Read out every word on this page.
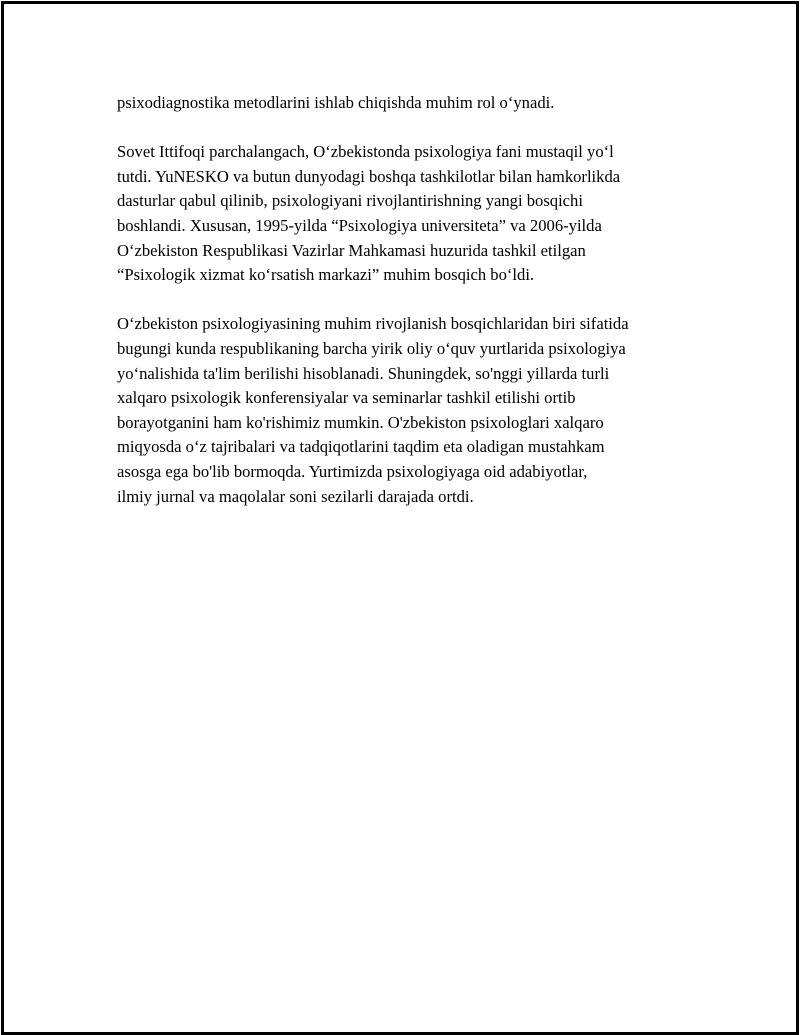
psixodiagnostika metodlarini ishlab chiqishda muhim rol o‘ynadi.

Sovet Ittifoqi parchalangach, O‘zbekistonda psixologiya fani mustaqil yo‘l
tutdi. YuNESKO va butun dunyodagi boshqa tashkilotlar bilan hamkorlikda
dasturlar qabul qilinib, psixologiyani rivojlantirishning yangi bosqichi
boshlandi. Xususan, 1995-yilda “Psixologiya universiteta” va 2006-yilda
O‘zbekiston Respublikasi Vazirlar Mahkamasi huzurida tashkil etilgan
“Psixologik xizmat ko‘rsatish markazi” muhim bosqich bo‘ldi.

O‘zbekiston psixologiyasining muhim rivojlanish bosqichlaridan biri sifatida
bugungi kunda respublikaning barcha yirik oliy o‘quv yurtlarida psixologiya
yo‘nalishida ta'lim berilishi hisoblanadi. Shuningdek, so'nggi yillarda turli
xalqaro psixologik konferensiyalar va seminarlar tashkil etilishi ortib
borayotganini ham ko'rishimiz mumkin. O'zbekiston psixologlari xalqaro
miqyosda o‘z tajribalari va tadqiqotlarini taqdim eta oladigan mustahkam
asosga ega bo'lib bormoqda. Yurtimizda psixologiyaga oid adabiyotlar,
ilmiy jurnal va maqolalar soni sezilarli darajada ortdi.
